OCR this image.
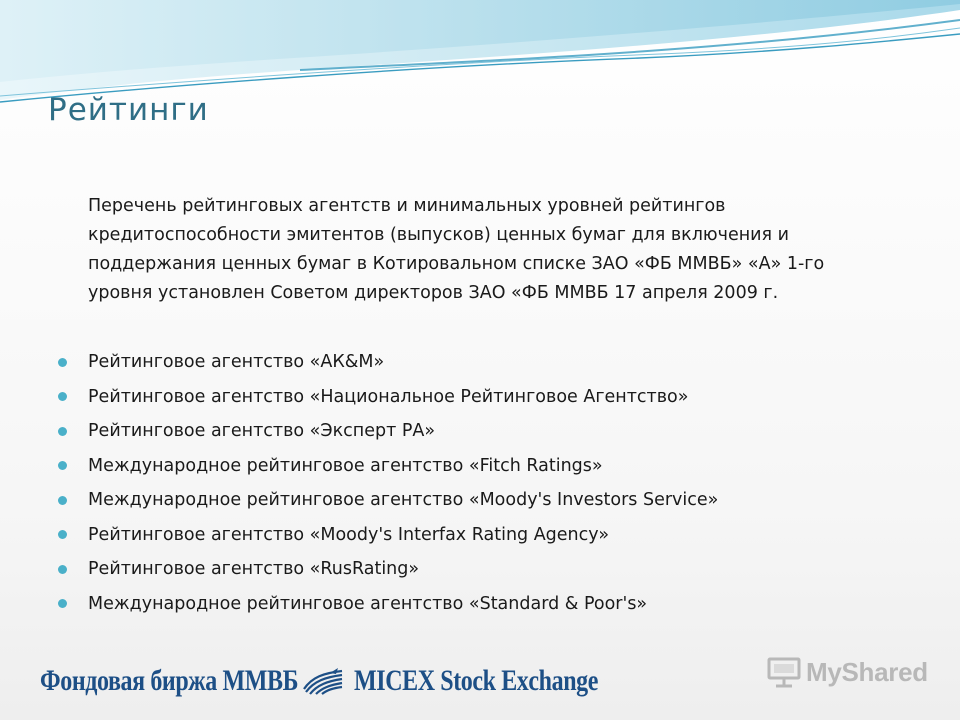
Рейтинги
Перечень рейтинговых агентств и минимальных уровней рейтингов кредитоспособности эмитентов (выпусков) ценных бумаг для включения и поддержания ценных бумаг в Котировальном списке ЗАО «ФБ ММВБ» «А» 1-го уровня установлен Советом директоров ЗАО «ФБ ММВБ 17 апреля 2009 г.
Рейтинговое агентство «АК&М»
Рейтинговое агентство «Национальное Рейтинговое Агентство»
Рейтинговое агентство «Эксперт РА»
Международное рейтинговое агентство «Fitch Ratings»
Международное рейтинговое агентство «Moody's Investors Service»
Рейтинговое агентство «Moody's Interfax Rating Agency»
Рейтинговое агентство «RusRating»
Международное рейтинговое агентство «Standard & Poor's»
Фондовая биржа ММВБ MICEX Stock Exchange	MyShared
